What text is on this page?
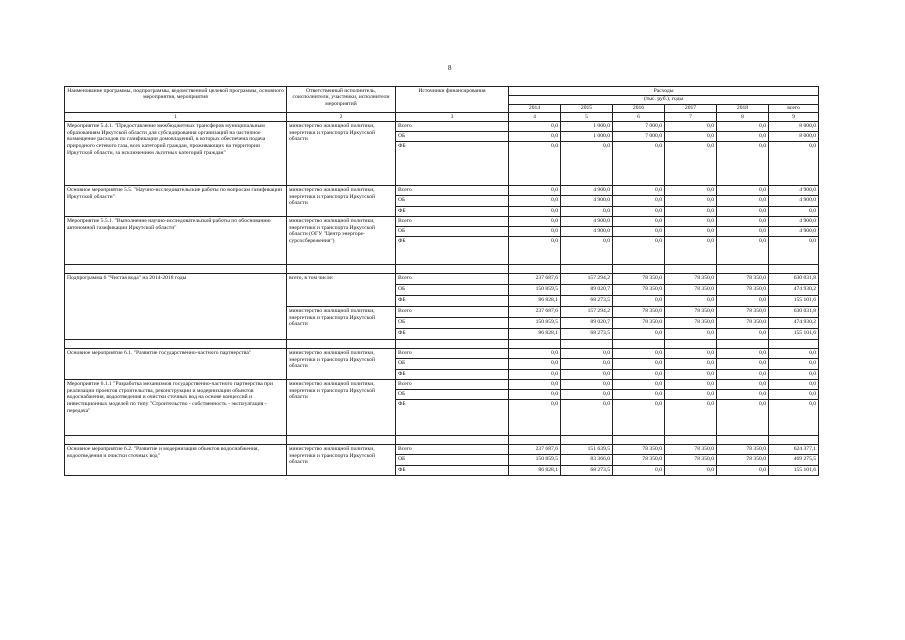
8
Наименование программы, подпрограммы, ведомственной целевой программы, основного мероприятия, мероприятия	Ответственный исполнитель, соисполнители, участники, исполнители мероприятий	Источники финансирования	Расходы					
			(тыс. руб.), годы					
			2014	2015	2016	2017	2018	всего
1	2	3	4	5	6	7	8	9
Мероприятие 5.4.1. "Предоставление межбюджетных трансферов муниципальным образованиям Иркутской области для субсидирования организаций на частичное возмещение расходов по газификации домовладений, в которых обеспечена подача природного сетевого газа, всех категорий граждан, проживающих на территории Иркутской области, за исключением льготных категорий граждан"	министерство жилищной политики, энергетики и транспорта Иркутской области	Всего	0,0	1 000,0	7 000,0	0,0	0,0	8 000,0
		ОБ	0,0	1 000,0	7 000,0	0,0	0,0	8 000,0
		ФБ	0,0	0,0	0,0	0,0	0,0	0,0
Основное мероприятие 5.5. "Научно-исследовательские работы по вопросам газификации Иркутской области"	министерство жилищной политики, энергетики и транспорта Иркутской области	Всего	0,0	4 900,0	0,0	0,0	0,0	4 900,0
		ОБ	0,0	4 900,0	0,0	0,0	0,0	4 900,0
		ФБ	0,0	0,0	0,0	0,0	0,0	0,0
Мероприятие 5.5.1. "Выполнение научно-исследовательской работы по обоснованию автономной газификации Иркутской области"	министерство жилищной политики, энергетики и транспорта Иркутской области (ОГУ "Центр энергоре-сурсосбережения")	Всего	0,0	4 900,0	0,0	0,0	0,0	4 900,0
		ОБ	0,0	4 900,0	0,0	0,0	0,0	4 900,0
		ФБ	0,0	0,0	0,0	0,0	0,0	0,0

Подпрограмма 6 "Чистая вода" на 2014-2018 годы	всего, в том числе:	Всего	237 687,6	157 294,2	78 350,0	78 350,0	78 350,0	630 031,8
		ОБ	150 859,5	89 020,7	78 350,0	78 350,0	78 350,0	474 930,2
		ФБ	86 828,1	68 273,5	0,0	0,0	0,0	155 101,6
	министерство жилищной политики, энергетики и транспорта Иркутской области	Всего	237 687,6	157 294,2	78 350,0	78 350,0	78 350,0	630 031,8
		ОБ	150 859,5	89 020,7	78 350,0	78 350,0	78 350,0	474 930,2
		ФБ	86 828,1	68 273,5	0,0	0,0	0,0	155 101,6

Основное мероприятие 6.1. "Развитие государственно-частного партнерства"	министерство жилищной политики, энергетики и транспорта Иркутской области	Всего	0,0	0,0	0,0	0,0	0,0	0,0
		ОБ	0,0	0,0	0,0	0,0	0,0	0,0
		ФБ	0,0	0,0	0,0	0,0	0,0	0,0
Мероприятие 6.1.1 "Разработка механизмов государственно-частного партнерства при реализации проектов строительства, реконструкции и модернизации объектов водоснабжения, водоотведения и очистки сточных вод на основе концессий и инвестиционных моделей по типу "Строительство - собственность - эксплуатация - передача"	министерство жилищной политики, энергетики и транспорта Иркутской области	Всего	0,0	0,0	0,0	0,0	0,0	0,0
		ОБ	0,0	0,0	0,0	0,0	0,0	0,0
		ФБ	0,0	0,0	0,0	0,0	0,0	0,0

Основное мероприятие 6.2. "Развитие и модернизация объектов водоснабжения, водоотведения и очистки сточных вод"	министерство жилищной политики, энергетики и транспорта Иркутской области	Всего	237 687,6	151 639,5	78 350,0	78 350,0	78 350,0	624 377,1
		ОБ	150 859,5	83 366,0	78 350,0	78 350,0	78 350,0	469 275,5
		ФБ	86 828,1	68 273,5	0,0	0,0	0,0	155 101,6
